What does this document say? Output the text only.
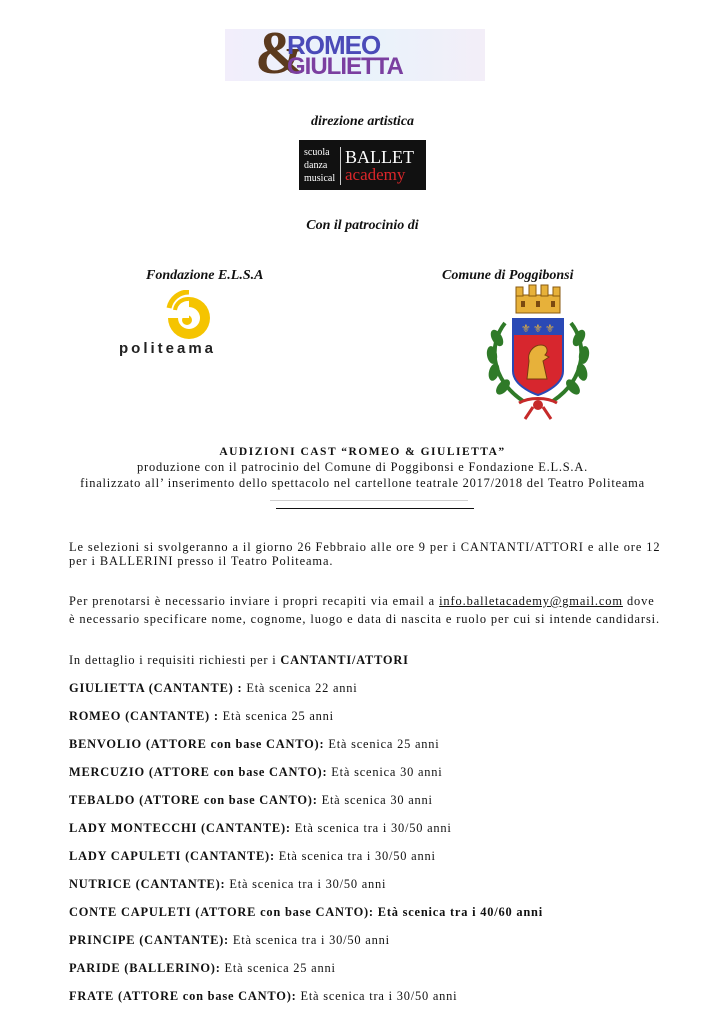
&
ROMEO
GIULIETTA
direzione artistica
scuola
danza
musical
BALLET
academy
Con il patrocinio di
Fondazione E.L.S.A	Comune di Poggibonsi
politeama
⚜ ⚜ ⚜
AUDIZIONI CAST “ROMEO & GIULIETTA”
produzione con il patrocinio del Comune di Poggibonsi e Fondazione E.L.S.A.
finalizzato all’ inserimento dello spettacolo nel cartellone teatrale 2017/2018 del Teatro Politeama
Le selezioni si svolgeranno a il giorno 26 Febbraio alle ore 9 per i CANTANTI/ATTORI e alle ore 12
per i BALLERINI presso il Teatro Politeama.
Per prenotarsi è necessario inviare i propri recapiti via email a info.balletacademy@gmail.com dove
è necessario specificare nome, cognome, luogo e data di nascita e ruolo per cui si intende candidarsi.
In dettaglio i requisiti richiesti per i CANTANTI/ATTORI
GIULIETTA (CANTANTE) : Età scenica 22 anni
ROMEO (CANTANTE) : Età scenica 25 anni
BENVOLIO (ATTORE con base CANTO): Età scenica 25 anni
MERCUZIO (ATTORE con base CANTO): Età scenica 30 anni
TEBALDO (ATTORE con base CANTO): Età scenica 30 anni
LADY MONTECCHI (CANTANTE): Età scenica tra i 30/50 anni
LADY CAPULETI (CANTANTE): Età scenica tra i 30/50 anni
NUTRICE (CANTANTE): Età scenica tra i 30/50 anni
CONTE CAPULETI (ATTORE con base CANTO): Età scenica tra i 40/60 anni
PRINCIPE (CANTANTE): Età scenica tra i 30/50 anni
PARIDE (BALLERINO): Età scenica 25 anni
FRATE (ATTORE con base CANTO): Età scenica tra i 30/50 anni
